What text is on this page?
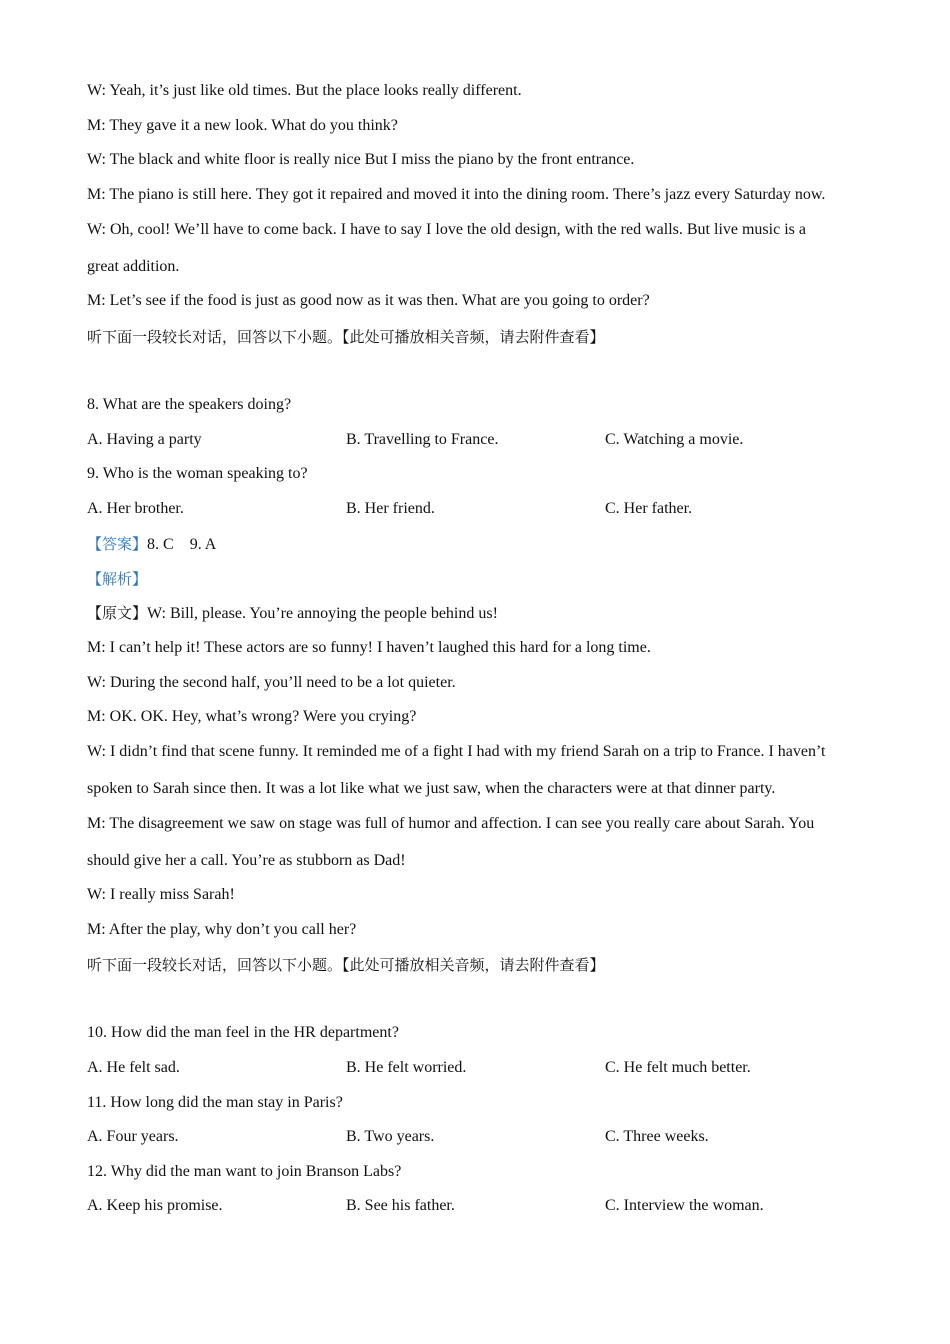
W: Yeah, it’s just like old times. But the place looks really different.
M: They gave it a new look. What do you think?
W: The black and white floor is really nice But I miss the piano by the front entrance.
M: The piano is still here. They got it repaired and moved it into the dining room. There’s jazz every Saturday now.
W: Oh, cool! We’ll have to come back. I have to say I love the old design, with the red walls. But live music is a
great addition.
M: Let’s see if the food is just as good now as it was then. What are you going to order?
听下面一段较长对话，回答以下小题。【此处可播放相关音频，请去附件查看】
8. What are the speakers doing?
A. Having a party	B. Travelling to France.	C. Watching a movie.
9. Who is the woman speaking to?
A. Her brother.	B. Her friend.	C. Her father.
【答案】8. C    9. A
【解析】
【原文】W: Bill, please. You’re annoying the people behind us!
M: I can’t help it! These actors are so funny! I haven’t laughed this hard for a long time.
W: During the second half, you’ll need to be a lot quieter.
M: OK. OK. Hey, what’s wrong? Were you crying?
W: I didn’t find that scene funny. It reminded me of a fight I had with my friend Sarah on a trip to France. I haven’t
spoken to Sarah since then. It was a lot like what we just saw, when the characters were at that dinner party.
M: The disagreement we saw on stage was full of humor and affection. I can see you really care about Sarah. You
should give her a call. You’re as stubborn as Dad!
W: I really miss Sarah!
M: After the play, why don’t you call her?
听下面一段较长对话，回答以下小题。【此处可播放相关音频，请去附件查看】
10. How did the man feel in the HR department?
A. He felt sad.	B. He felt worried.	C. He felt much better.
11. How long did the man stay in Paris?
A. Four years.	B. Two years.	C. Three weeks.
12. Why did the man want to join Branson Labs?
A. Keep his promise.	B. See his father.	C. Interview the woman.
